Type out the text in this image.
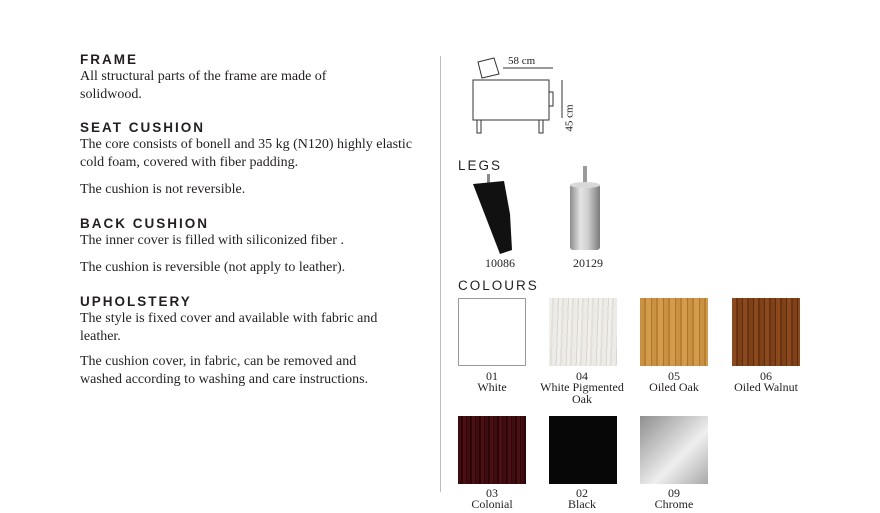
FRAME

All structural parts of the frame are made of solidwood.

SEAT CUSHION

The core consists of bonell and 35 kg (N120) highly elastic cold foam, covered with fiber padding.

The cushion is not reversible.

BACK CUSHION

The inner cover is filled with siliconized fiber .

The cushion is reversible (not apply to leather).

UPHOLSTERY

The style is fixed cover and available with fabric and leather.

The cushion cover, in fabric, can be removed and washed according to washing and care instructions.

58 cm
45 cm
LEGS
10086	20129
COLOURS
01
White
04
White Pigmented Oak
05
Oiled Oak
06
Oiled Walnut
03
Colonial
02
Black
09
Chrome
